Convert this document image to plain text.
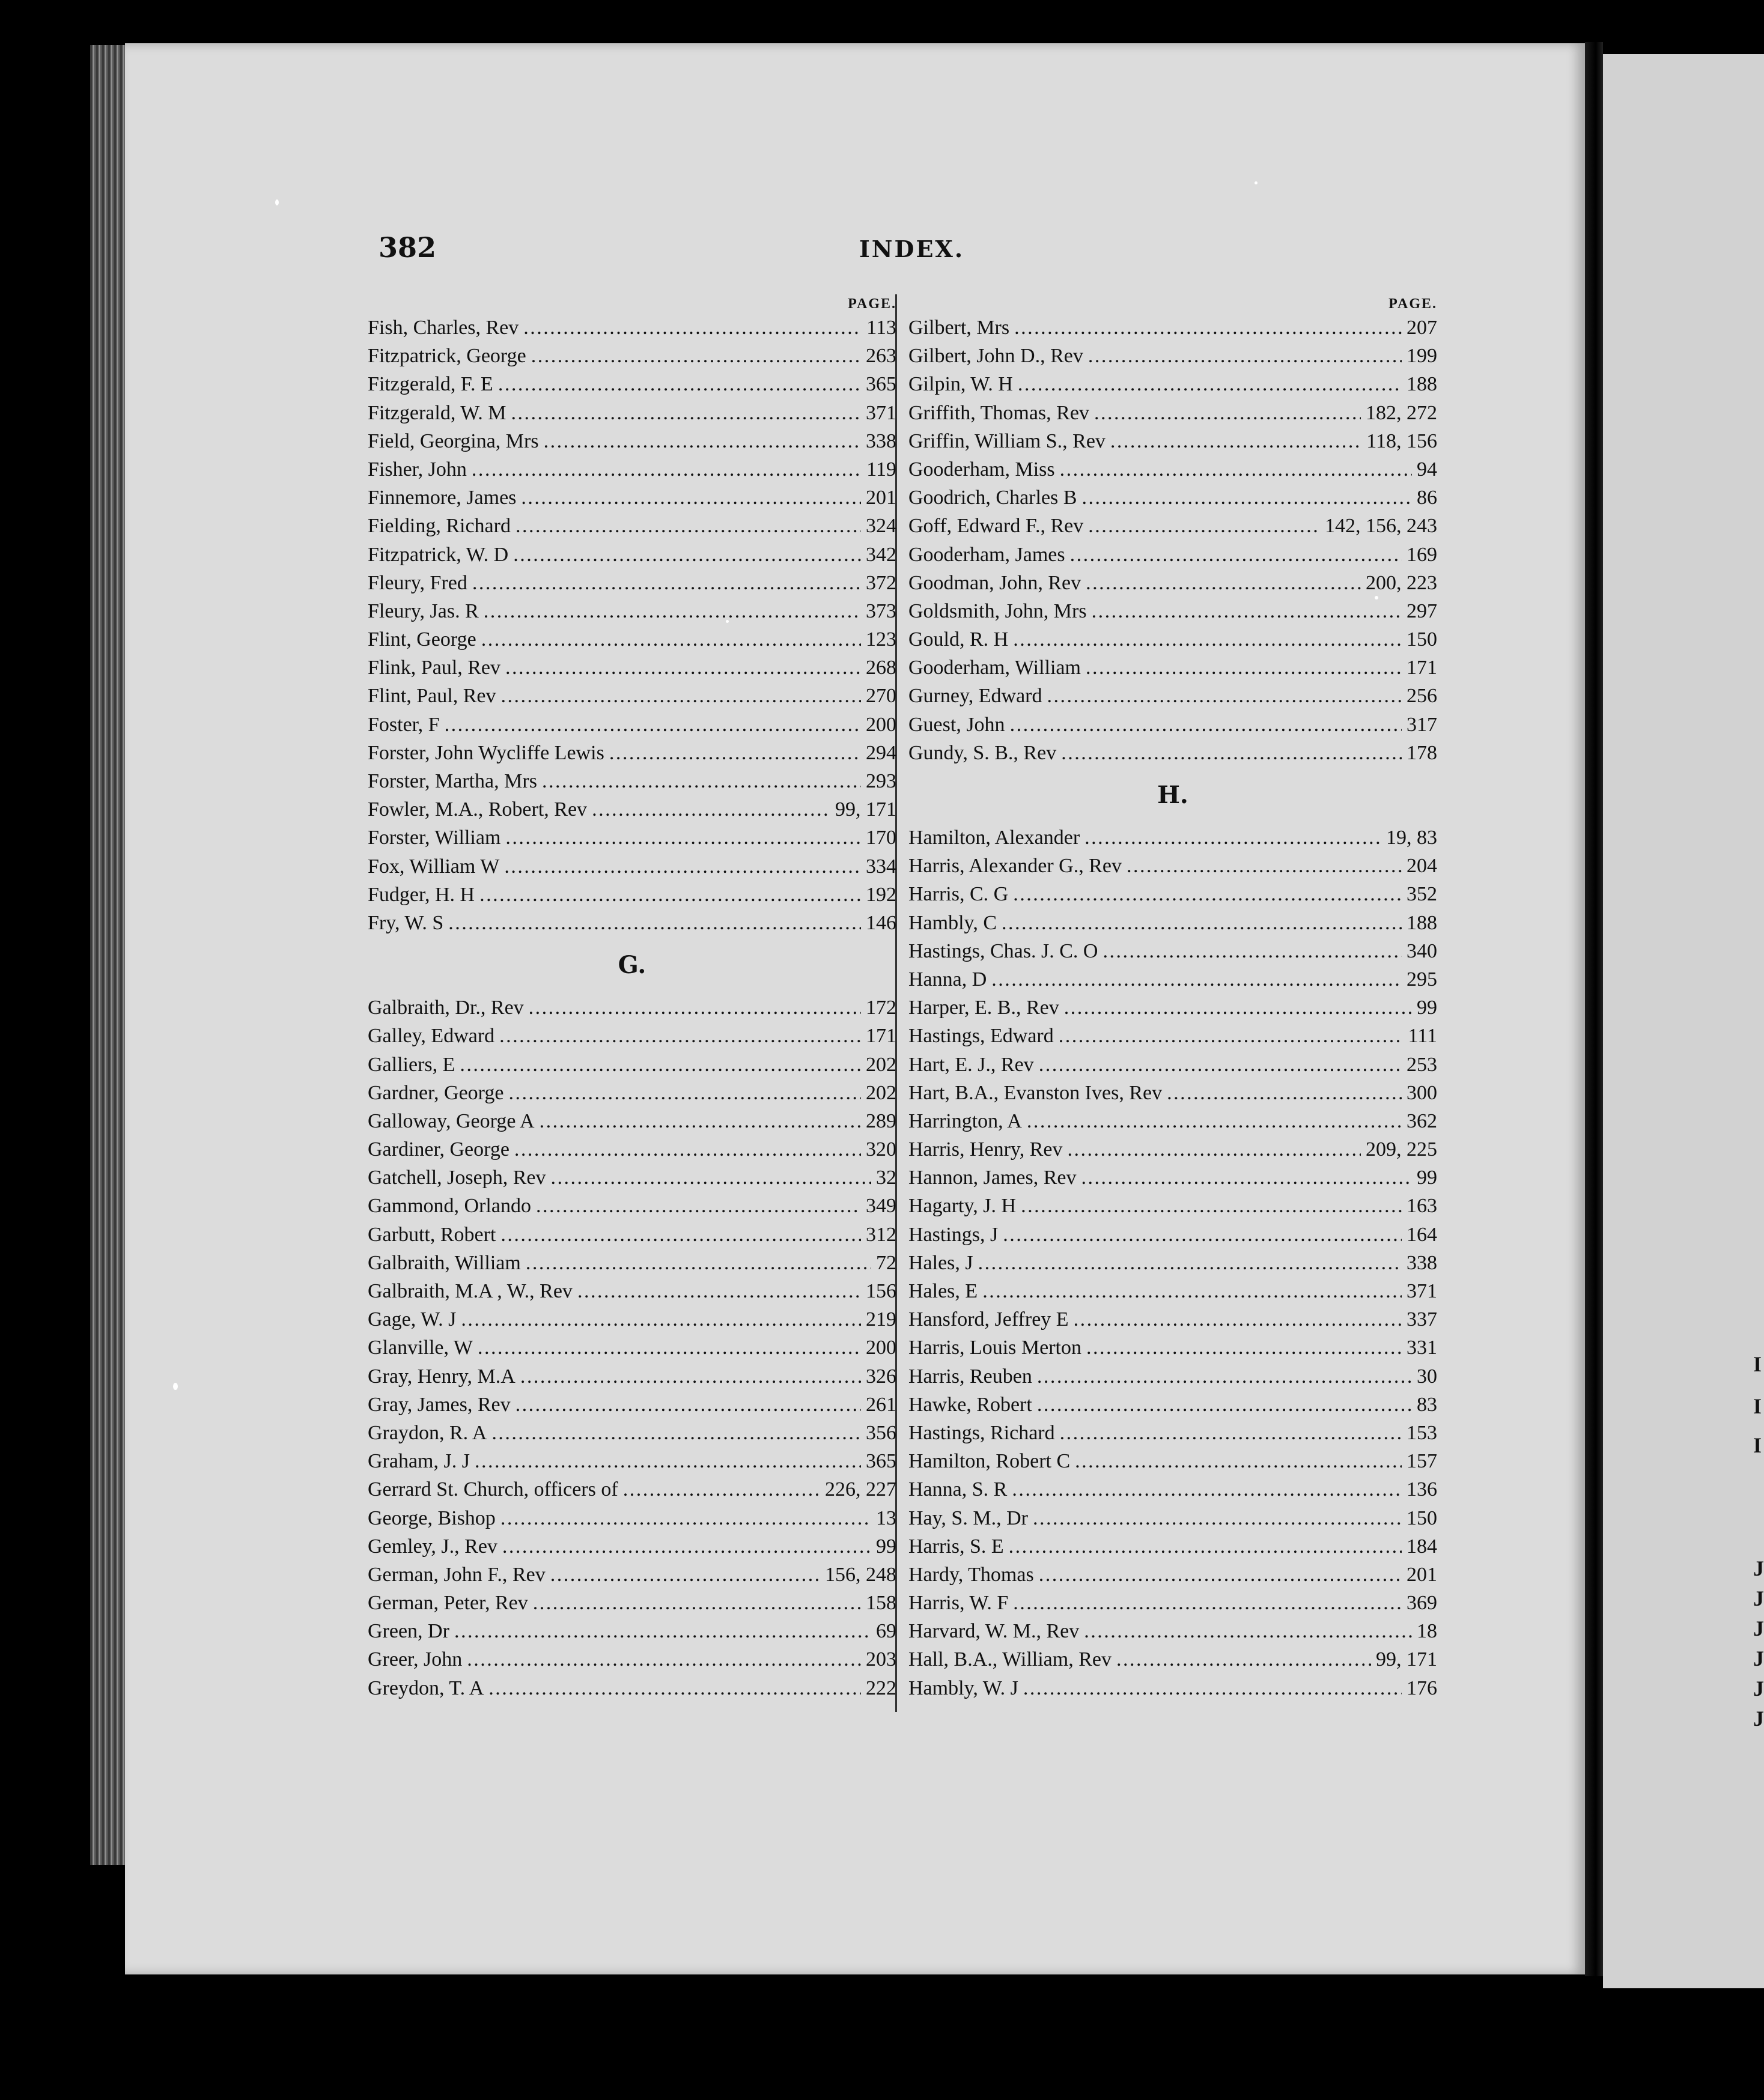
I
I
I
J
J
J
J
J
J
382	INDEX.
PAGE.
Fish, Charles, Rev . . .	113
Fitzpatrick, George . . .	263
Fitzgerald, F. E . . .	365
Fitzgerald, W. M . . .	371
Field, Georgina, Mrs . . .	338
Fisher, John . . .	119
Finnemore, James . . .	201
Fielding, Richard . . .	324
Fitzpatrick, W. D . . .	342
Fleury, Fred . . .	372
Fleury, Jas. R . . .	373
Flint, George . . .	123
Flink, Paul, Rev . . .	268
Flint, Paul, Rev . . .	270
Foster, F . . .	200
Forster, John Wycliffe Lewis . . .	294
Forster, Martha, Mrs . . .	293
Fowler, M.A., Robert, Rev . . .	99, 171
Forster, William . . .	170
Fox, William W . . .	334
Fudger, H. H . . .	192
Fry, W. S . . .	146
G.
Galbraith, Dr., Rev . . .	172
Galley, Edward . . .	171
Galliers, E . . .	202
Gardner, George . . .	202
Galloway, George A . . .	289
Gardiner, George . . .	320
Gatchell, Joseph, Rev . . .	32
Gammond, Orlando . . .	349
Garbutt, Robert . . .	312
Galbraith, William . . .	72
Galbraith, M.A , W., Rev . . .	156
Gage, W. J . . .	219
Glanville, W . . .	200
Gray, Henry, M.A . . .	326
Gray, James, Rev . . .	261
Graydon, R. A . . .	356
Graham, J. J . . .	365
Gerrard St. Church, officers of . . .	226, 227
George, Bishop . . .	13
Gemley, J., Rev . . .	99
German, John F., Rev . . .	156, 248
German, Peter, Rev . . .	158
Green, Dr . . .	69
Greer, John . . .	203
Greydon, T. A . . .	222
PAGE.
Gilbert, Mrs . . .	207
Gilbert, John D., Rev . . .	199
Gilpin, W. H . . .	188
Griffith, Thomas, Rev . . .	182, 272
Griffin, William S., Rev . . .	118, 156
Gooderham, Miss . . .	94
Goodrich, Charles B . . .	86
Goff, Edward F., Rev . . .	142, 156, 243
Gooderham, James . . .	169
Goodman, John, Rev . . .	200, 223
Goldsmith, John, Mrs . . .	297
Gould, R. H . . .	150
Gooderham, William . . .	171
Gurney, Edward . . .	256
Guest, John . . .	317
Gundy, S. B., Rev . . .	178
H.
Hamilton, Alexander . . .	19, 83
Harris, Alexander G., Rev . . .	204
Harris, C. G . . .	352
Hambly, C . . .	188
Hastings, Chas. J. C. O . . .	340
Hanna, D . . .	295
Harper, E. B., Rev . . .	99
Hastings, Edward . . .	111
Hart, E. J., Rev . . .	253
Hart, B.A., Evanston Ives, Rev . . .	300
Harrington, A . . .	362
Harris, Henry, Rev . . .	209, 225
Hannon, James, Rev . . .	99
Hagarty, J. H . . .	163
Hastings, J . . .	164
Hales, J . . .	338
Hales, E . . .	371
Hansford, Jeffrey E . . .	337
Harris, Louis Merton . . .	331
Harris, Reuben . . .	30
Hawke, Robert . . .	83
Hastings, Richard . . .	153
Hamilton, Robert C . . .	157
Hanna, S. R . . .	136
Hay, S. M., Dr . . .	150
Harris, S. E . . .	184
Hardy, Thomas . . .	201
Harris, W. F . . .	369
Harvard, W. M., Rev . . .	18
Hall, B.A., William, Rev . . .	99, 171
Hambly, W. J . . .	176
